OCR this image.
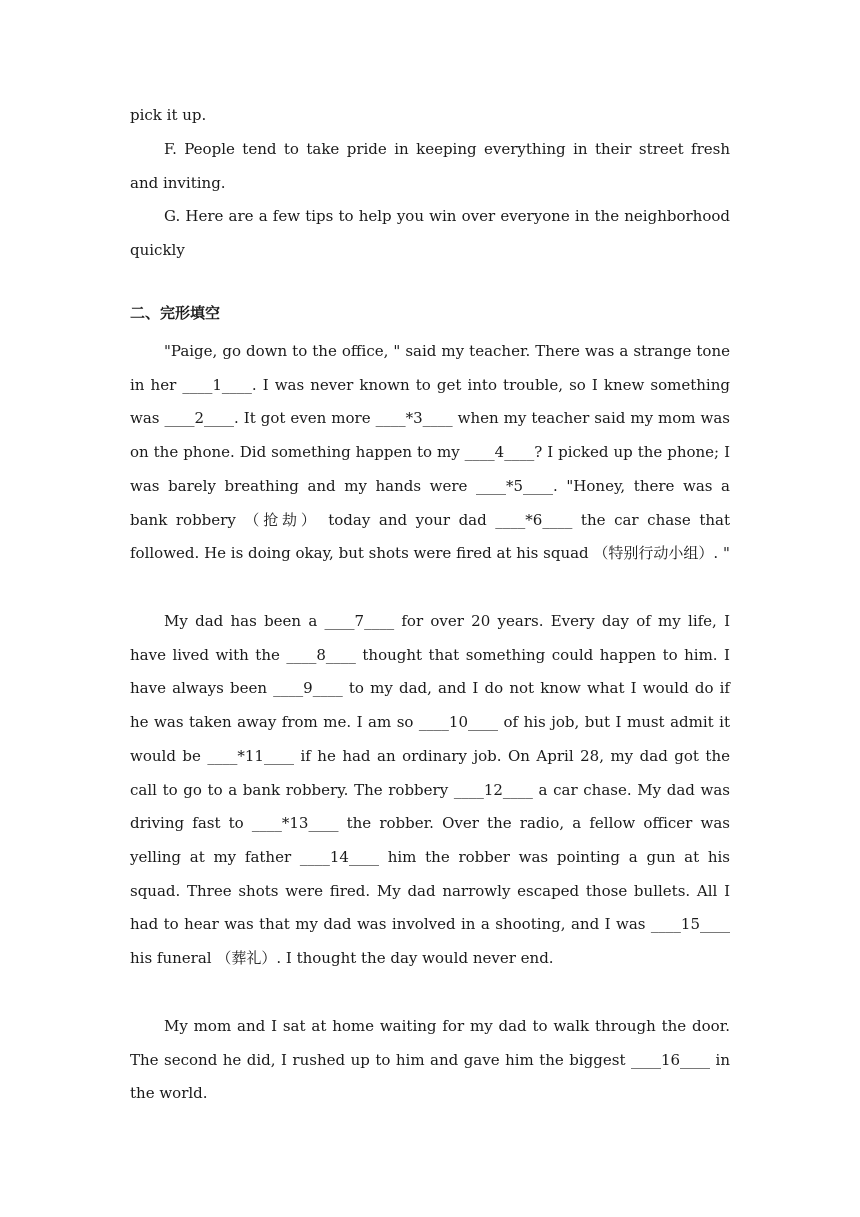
pick it up.

F. People tend to take pride in keeping everything in their street fresh and inviting.

G. Here are a few tips to help you win over everyone in the neighborhood quickly

二、完形填空

"Paige, go down to the office, " said my teacher. There was a strange tone in her ____1____. I was never known to get into trouble, so I knew something was ____2____. It got even more ____*3____ when my teacher said my mom was on the phone. Did something happen to my ____4____? I picked up the phone; I was barely breathing and my hands were ____*5____. "Honey, there was a bank robbery （抢劫） today and your dad ____*6____ the car chase that followed. He is doing okay, but shots were fired at his squad （特别行动小组）. "

My dad has been a ____7____ for over 20 years. Every day of my life, I have lived with the ____8____ thought that something could happen to him. I have always been ____9____ to my dad, and I do not know what I would do if he was taken away from me. I am so ____10____ of his job, but I must admit it would be ____*11____ if he had an ordinary job. On April 28, my dad got the call to go to a bank robbery. The robbery ____12____ a car chase. My dad was driving fast to ____*13____ the robber. Over the radio, a fellow officer was yelling at my father ____14____ him the robber was pointing a gun at his squad. Three shots were fired. My dad narrowly escaped those bullets. All I had to hear was that my dad was involved in a shooting, and I was ____15____ his funeral （葬礼）. I thought the day would never end.

My mom and I sat at home waiting for my dad to walk through the door. The second he did, I rushed up to him and gave him the biggest ____16____ in the world.
